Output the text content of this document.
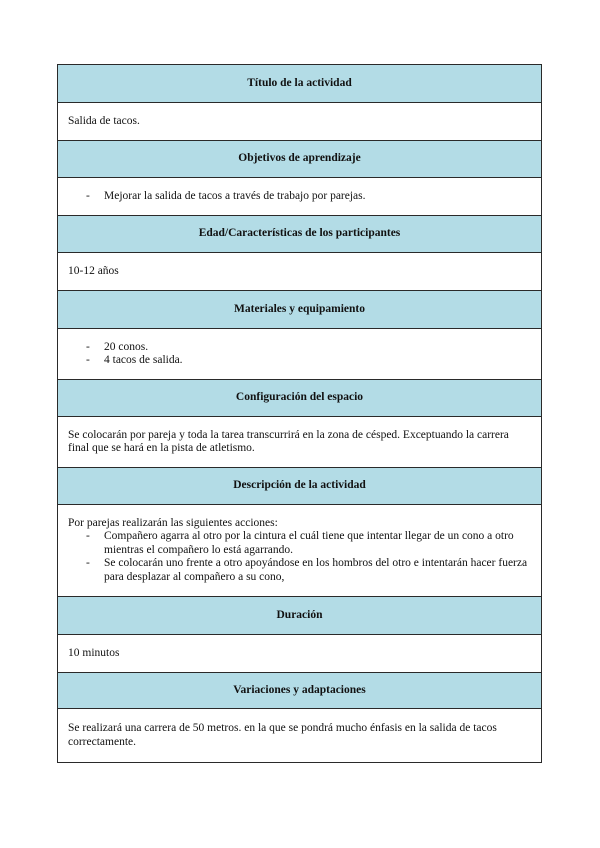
Título de la actividad

Salida de tacos.

Objetivos de aprendizaje
- Mejorar la salida de tacos a través de trabajo por parejas.
Edad/Características de los participantes

10-12 años

Materiales y equipamiento
- 20 conos.
- 4 tacos de salida.
Configuración del espacio

Se colocarán por pareja y toda la tarea transcurrirá en la zona de césped. Exceptuando la carrera final que se hará en la pista de atletismo.

Descripción de la actividad

Por parejas realizarán las siguientes acciones:

- Compañero agarra al otro por la cintura el cuál tiene que intentar llegar de un cono a otro mientras el compañero lo está agarrando.
- Se colocarán uno frente a otro apoyándose en los hombros del otro e intentarán hacer fuerza para desplazar al compañero a su cono,
Duración

10 minutos

Variaciones y adaptaciones

Se realizará una carrera de 50 metros. en la que se pondrá mucho énfasis en la salida de tacos correctamente.
